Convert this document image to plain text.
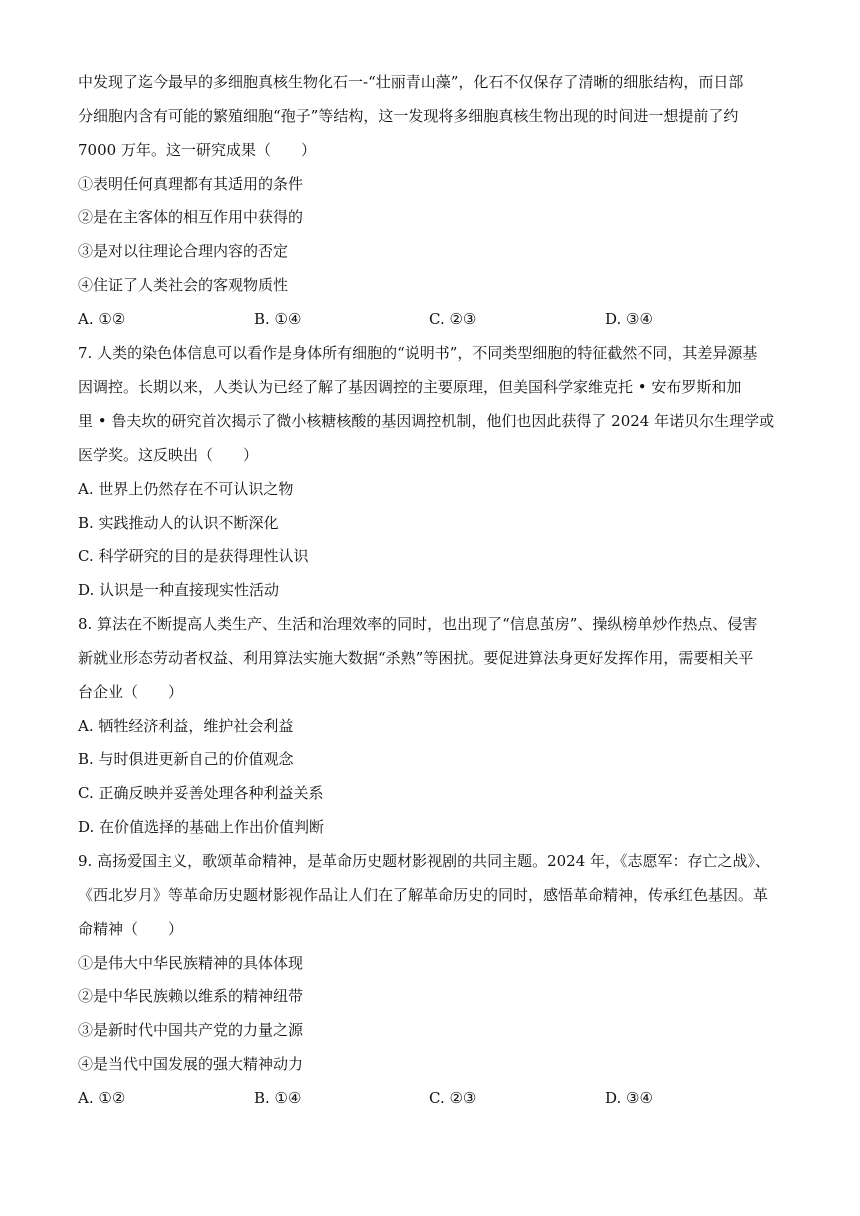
中发现了迄今最早的多细胞真核生物化石一-“壮丽青山藻”，化石不仅保存了清晰的细胀结构，而日部
分细胞内含有可能的繁殖细胞“孢子”等结构，这一发现将多细胞真核生物出现的时间进一想提前了约
7000 万年。这一研究成果（　　）
①表明任何真理都有其适用的条件
②是在主客体的相互作用中获得的
③是对以往理论合理内容的否定
④住证了人类社会的客观物质性
A. ①②	B. ①④	C. ②③	D. ③④
7. 人类的染色体信息可以看作是身体所有细胞的“说明书”，不同类型细胞的特征截然不同，其差异源基
因调控。长期以来，人类认为已经了解了基因调控的主要原理，但美国科学家维克托 • 安布罗斯和加
里 • 鲁夫坎的研究首次揭示了微小核糖核酸的基因调控机制，他们也因此获得了 2024 年诺贝尔生理学或
医学奖。这反映出（　　）
A. 世界上仍然存在不可认识之物
B. 实践推动人的认识不断深化
C. 科学研究的目的是获得理性认识
D. 认识是一种直接现实性活动
8. 算法在不断提高人类生产、生活和治理效率的同时，也出现了“信息茧房”、操纵榜单炒作热点、侵害
新就业形态劳动者权益、利用算法实施大数据“杀熟”等困扰。要促进算法身更好发挥作用，需要相关平
台企业（　　）
A. 牺牲经济利益，维护社会利益
B. 与时俱进更新自己的价值观念
C. 正确反映并妥善处理各种利益关系
D. 在价值选择的基础上作出价值判断
9. 高扬爱国主义，歌颂革命精神，是革命历史题材影视剧的共同主题。2024 年，《志愿军：存亡之战》、
《西北岁月》等革命历史题材影视作品让人们在了解革命历史的同时，感悟革命精神，传承红色基因。革
命精神（　　）
①是伟大中华民族精神的具体体现
②是中华民族赖以维系的精神纽带
③是新时代中国共产党的力量之源
④是当代中国发展的强大精神动力
A. ①②	B. ①④	C. ②③	D. ③④
